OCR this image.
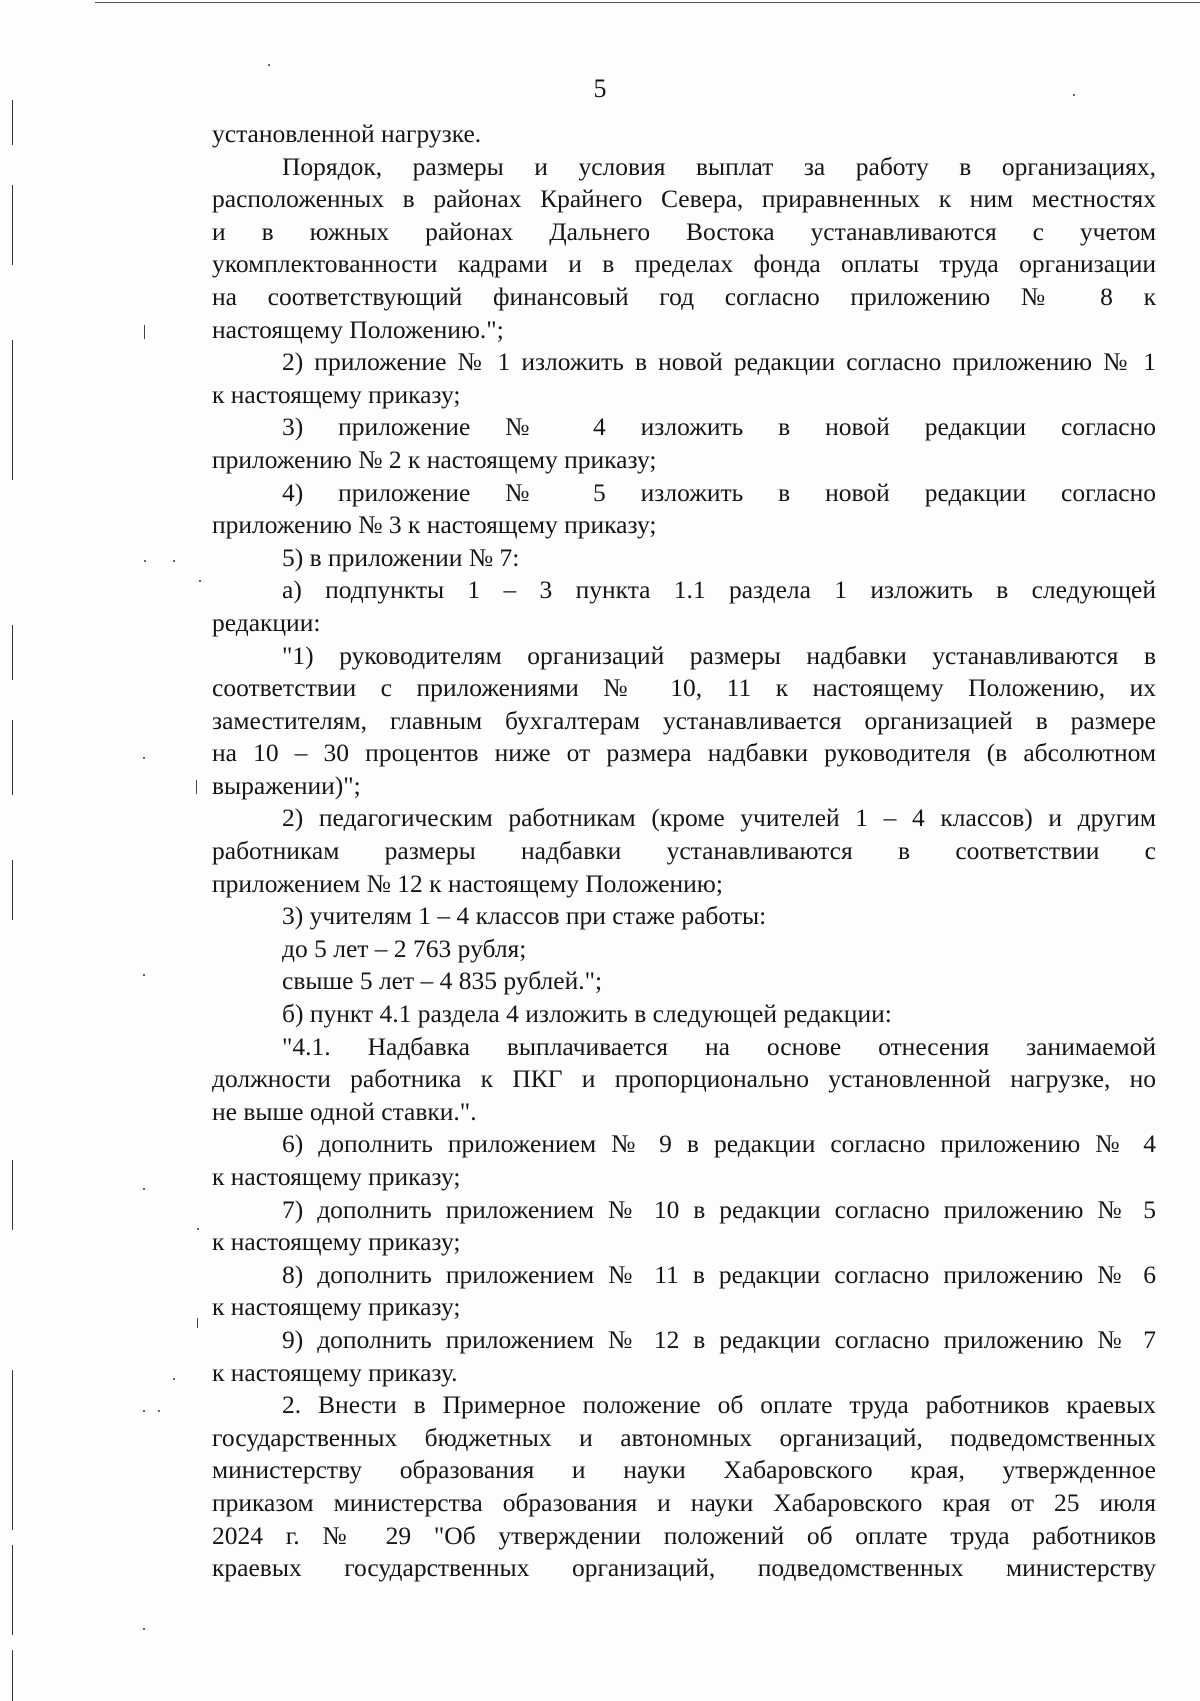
5
установленной нагрузке.
Порядок, размеры и условия выплат за работу в организациях,
расположенных в районах Крайнего Севера, приравненных к ним местностях
и в южных районах Дальнего Востока устанавливаются с учетом
укомплектованности кадрами и в пределах фонда оплаты труда организации
на соответствующий финансовый год согласно приложению № 8 к
настоящему Положению.";
2) приложение № 1 изложить в новой редакции согласно приложению № 1
к настоящему приказу;
3) приложение № 4 изложить в новой редакции согласно
приложению № 2 к настоящему приказу;
4) приложение № 5 изложить в новой редакции согласно
приложению № 3 к настоящему приказу;
5) в приложении № 7:
а) подпункты 1 – 3 пункта 1.1 раздела 1 изложить в следующей
редакции:
"1) руководителям организаций размеры надбавки устанавливаются в
соответствии с приложениями № 10, 11 к настоящему Положению, их
заместителям, главным бухгалтерам устанавливается организацией в размере
на 10 – 30 процентов ниже от размера надбавки руководителя (в абсолютном
выражении)";
2) педагогическим работникам (кроме учителей 1 – 4 классов) и другим
работникам размеры надбавки устанавливаются в соответствии с
приложением № 12 к настоящему Положению;
3) учителям 1 – 4 классов при стаже работы:
до 5 лет – 2 763 рубля;
свыше 5 лет – 4 835 рублей.";
б) пункт 4.1 раздела 4 изложить в следующей редакции:
"4.1. Надбавка выплачивается на основе отнесения занимаемой
должности работника к ПКГ и пропорционально установленной нагрузке, но
не выше одной ставки.".
6) дополнить приложением № 9 в редакции согласно приложению № 4
к настоящему приказу;
7) дополнить приложением № 10 в редакции согласно приложению № 5
к настоящему приказу;
8) дополнить приложением № 11 в редакции согласно приложению № 6
к настоящему приказу;
9) дополнить приложением № 12 в редакции согласно приложению № 7
к настоящему приказу.
2. Внести в Примерное положение об оплате труда работников краевых
государственных бюджетных и автономных организаций, подведомственных
министерству образования и науки Хабаровского края, утвержденное
приказом министерства образования и науки Хабаровского края от 25 июля
2024 г. № 29 "Об утверждении положений об оплате труда работников
краевых государственных организаций, подведомственных министерству
